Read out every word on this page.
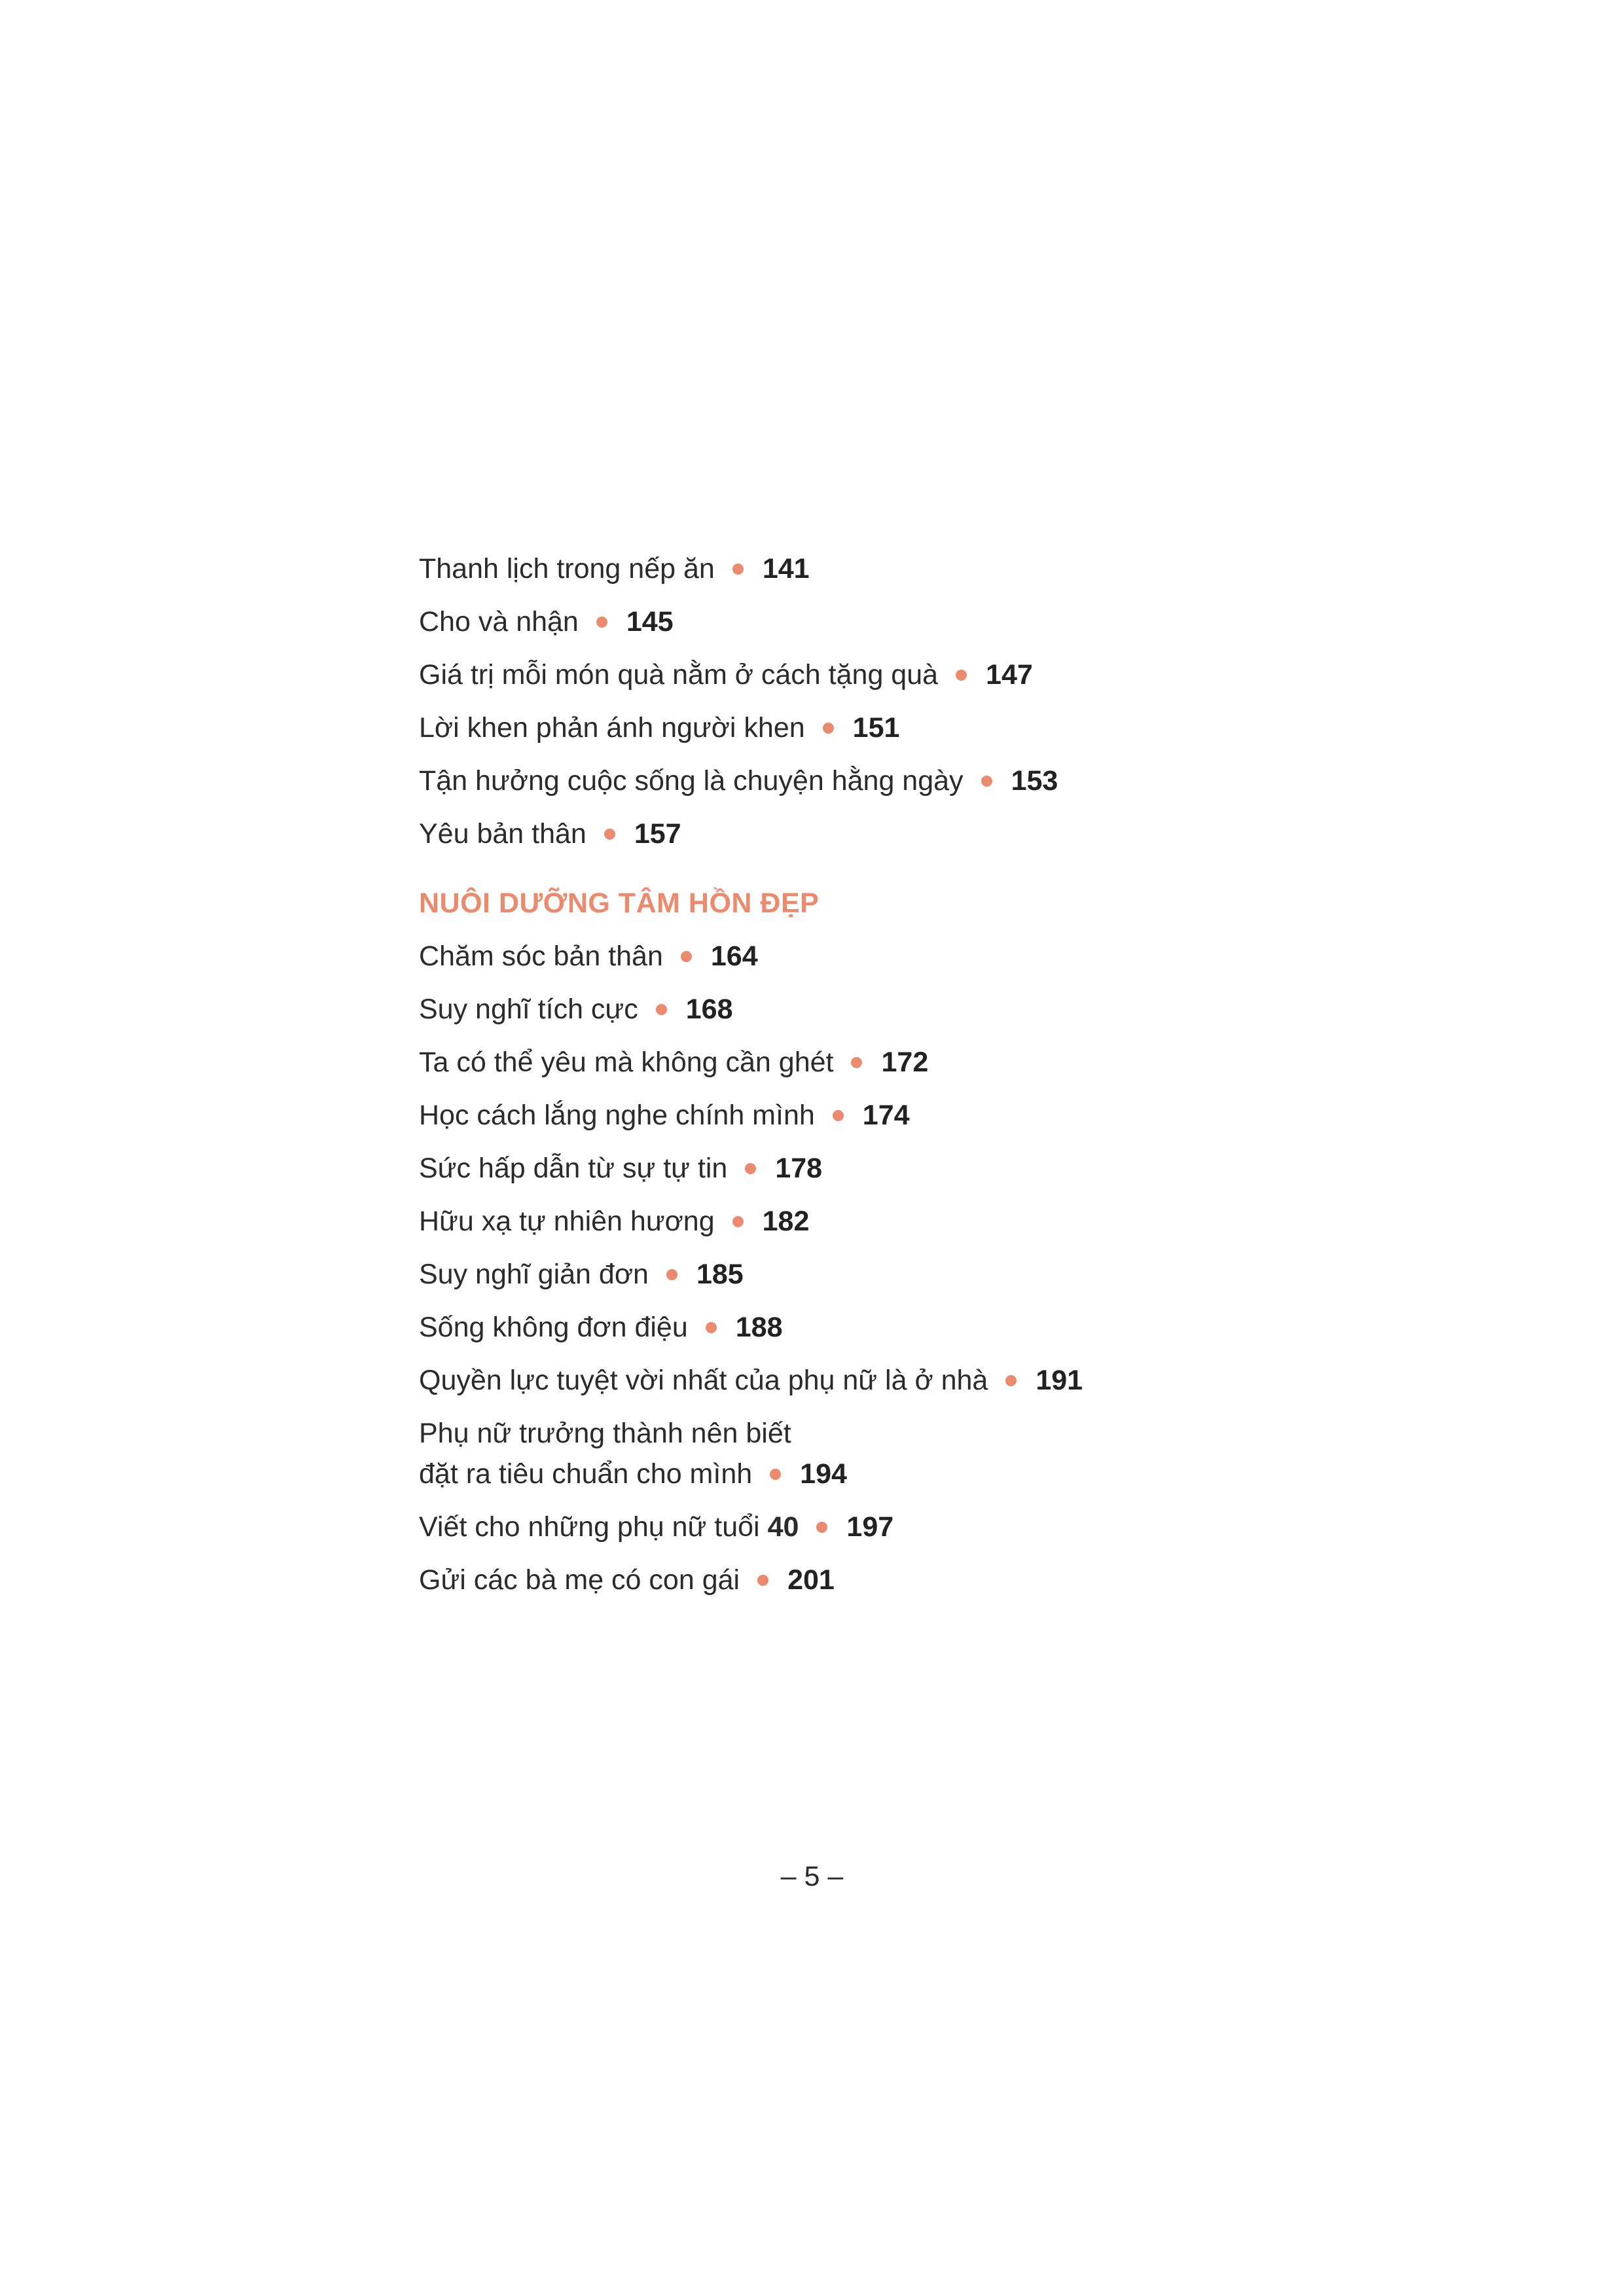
Thanh lịch trong nếp ăn 141
Cho và nhận 145
Giá trị mỗi món quà nằm ở cách tặng quà 147
Lời khen phản ánh người khen 151
Tận hưởng cuộc sống là chuyện hằng ngày 153
Yêu bản thân 157
NUÔI DƯỠNG TÂM HỒN ĐẸP
Chăm sóc bản thân 164
Suy nghĩ tích cực 168
Ta có thể yêu mà không cần ghét 172
Học cách lắng nghe chính mình 174
Sức hấp dẫn từ sự tự tin 178
Hữu xạ tự nhiên hương 182
Suy nghĩ giản đơn 185
Sống không đơn điệu 188
Quyền lực tuyệt vời nhất của phụ nữ là ở nhà 191
Phụ nữ trưởng thành nên biết
đặt ra tiêu chuẩn cho mình 194
Viết cho những phụ nữ tuổi 40 197
Gửi các bà mẹ có con gái 201
– 5 –
